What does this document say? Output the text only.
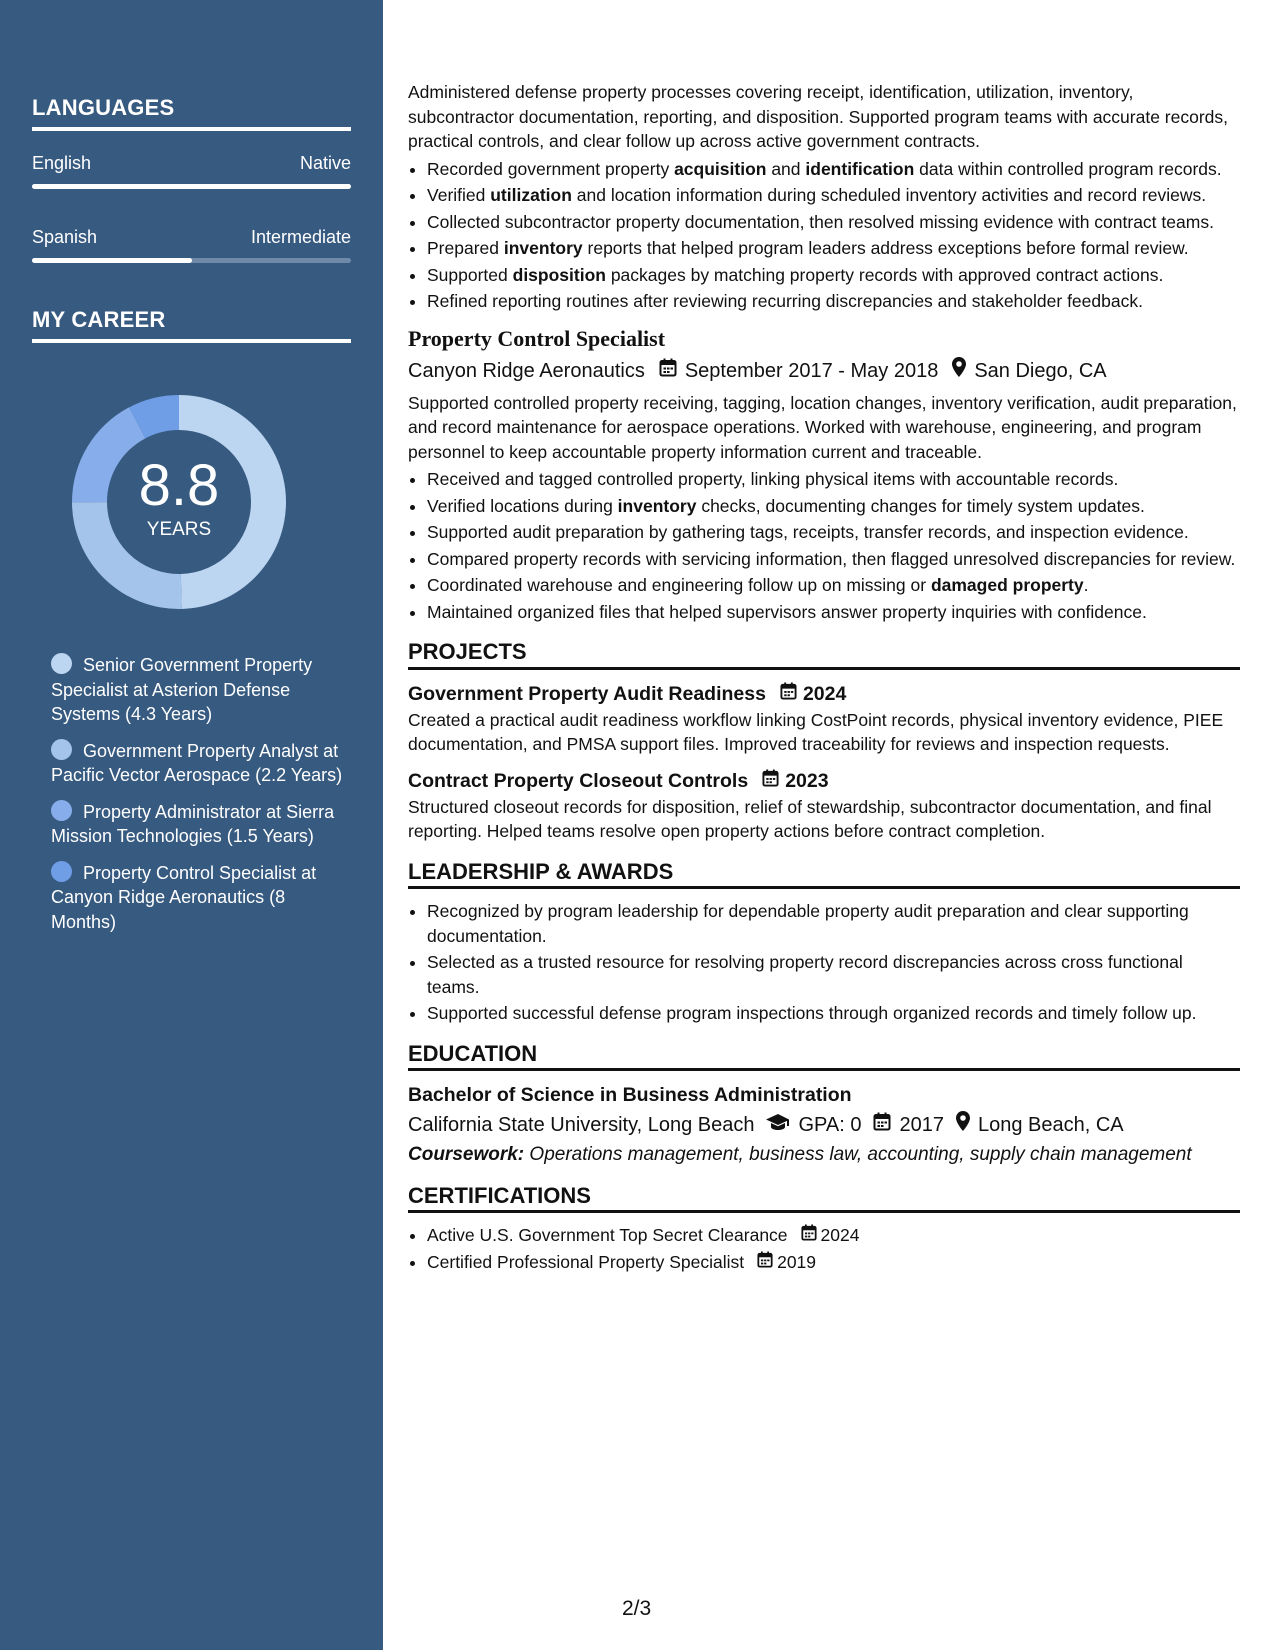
LANGUAGES
English	Native
Spanish	Intermediate
MY CAREER
8.8
YEARS
Senior Government Property Specialist at Asterion Defense Systems (4.3 Years)
Government Property Analyst at Pacific Vector Aerospace (2.2 Years)
Property Administrator at Sierra Mission Technologies (1.5 Years)
Property Control Specialist at Canyon Ridge Aeronautics (8 Months)

Administered defense property processes covering receipt, identification, utilization, inventory, subcontractor documentation, reporting, and disposition. Supported program teams with accurate records, practical controls, and clear follow up across active government contracts.

• Recorded government property acquisition and identification data within controlled program records.
• Verified utilization and location information during scheduled inventory activities and record reviews.
• Collected subcontractor property documentation, then resolved missing evidence with contract teams.
• Prepared inventory reports that helped program leaders address exceptions before formal review.
• Supported disposition packages by matching property records with approved contract actions.
• Refined reporting routines after reviewing recurring discrepancies and stakeholder feedback.
Property Control Specialist
Canyon Ridge Aeronautics September 2017 - May 2018 San Diego, CA

Supported controlled property receiving, tagging, location changes, inventory verification, audit preparation, and record maintenance for aerospace operations. Worked with warehouse, engineering, and program personnel to keep accountable property information current and traceable.

• Received and tagged controlled property, linking physical items with accountable records.
• Verified locations during inventory checks, documenting changes for timely system updates.
• Supported audit preparation by gathering tags, receipts, transfer records, and inspection evidence.
• Compared property records with servicing information, then flagged unresolved discrepancies for review.
• Coordinated warehouse and engineering follow up on missing or damaged property.
• Maintained organized files that helped supervisors answer property inquiries with confidence.
PROJECTS
Government Property Audit Readiness 2024

Created a practical audit readiness workflow linking CostPoint records, physical inventory evidence, PIEE documentation, and PMSA support files. Improved traceability for reviews and inspection requests.

Contract Property Closeout Controls 2023

Structured closeout records for disposition, relief of stewardship, subcontractor documentation, and final reporting. Helped teams resolve open property actions before contract completion.

LEADERSHIP & AWARDS
• Recognized by program leadership for dependable property audit preparation and clear supporting documentation.
• Selected as a trusted resource for resolving property record discrepancies across cross functional teams.
• Supported successful defense program inspections through organized records and timely follow up.
EDUCATION
Bachelor of Science in Business Administration
California State University, Long Beach GPA: 0 2017 Long Beach, CA
Coursework: Operations management, business law, accounting, supply chain management
CERTIFICATIONS
• Active U.S. Government Top Secret Clearance 2024
• Certified Professional Property Specialist 2019
2/3
